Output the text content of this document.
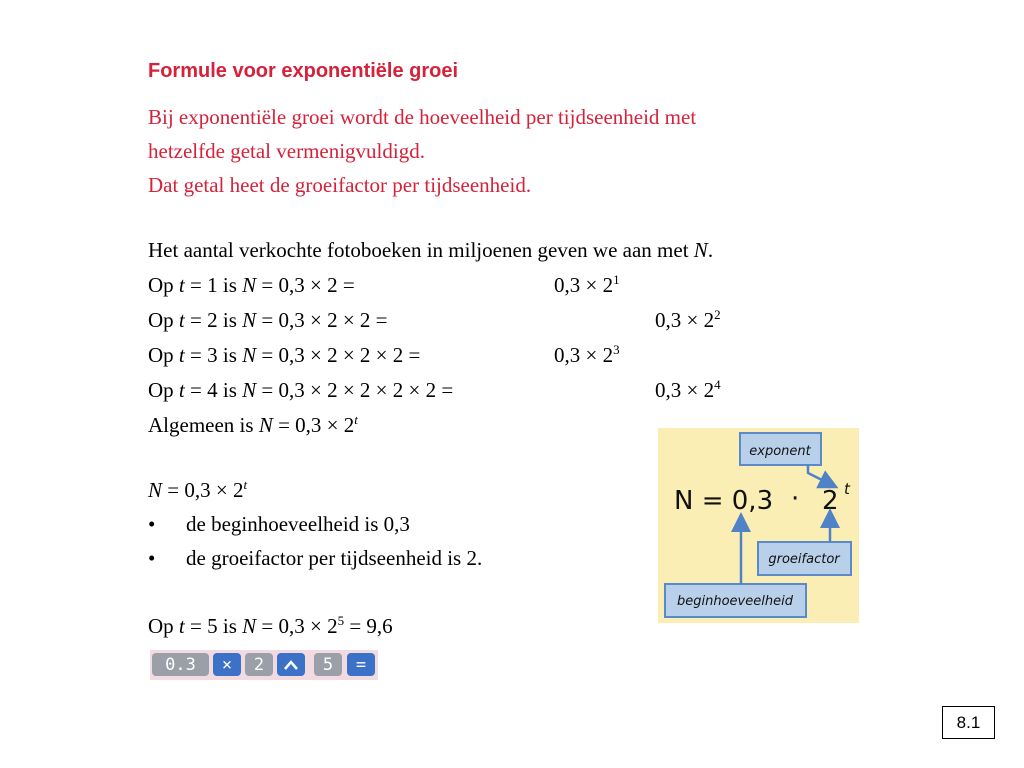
Formule voor exponentiële groei
Bij exponentiële groei wordt de hoeveelheid per tijdseenheid met
hetzelfde getal vermenigvuldigd.
Dat getal heet de groeifactor per tijdseenheid.
Het aantal verkochte fotoboeken in miljoenen geven we aan met N.
Op t = 1 is N = 0,3 × 2 =	$0,3 \times 2^1$
Op t = 2 is N = 0,3 × 2 × 2 =	$0,3 \times 2^2$
Op t = 3 is N = 0,3 × 2 × 2 × 2 =	$0,3 \times 2^3$
Op t = 4 is N = 0,3 × 2 × 2 × 2 × 2 =	$0,3 \times 2^4$
Algemeen is $N = 0,3 \times 2^t$
$N = 0,3 \times 2^t$
• de beginhoeveelheid is 0,3
• de groeifactor per tijdseenheid is 2.
Op t = 5 is $N = 0,3 \times 2^5 = 9,6$
exponent
N = 0,3 · 2 t
groeifactor
beginhoeveelheid
0.3	×	2	5	=
8.1
